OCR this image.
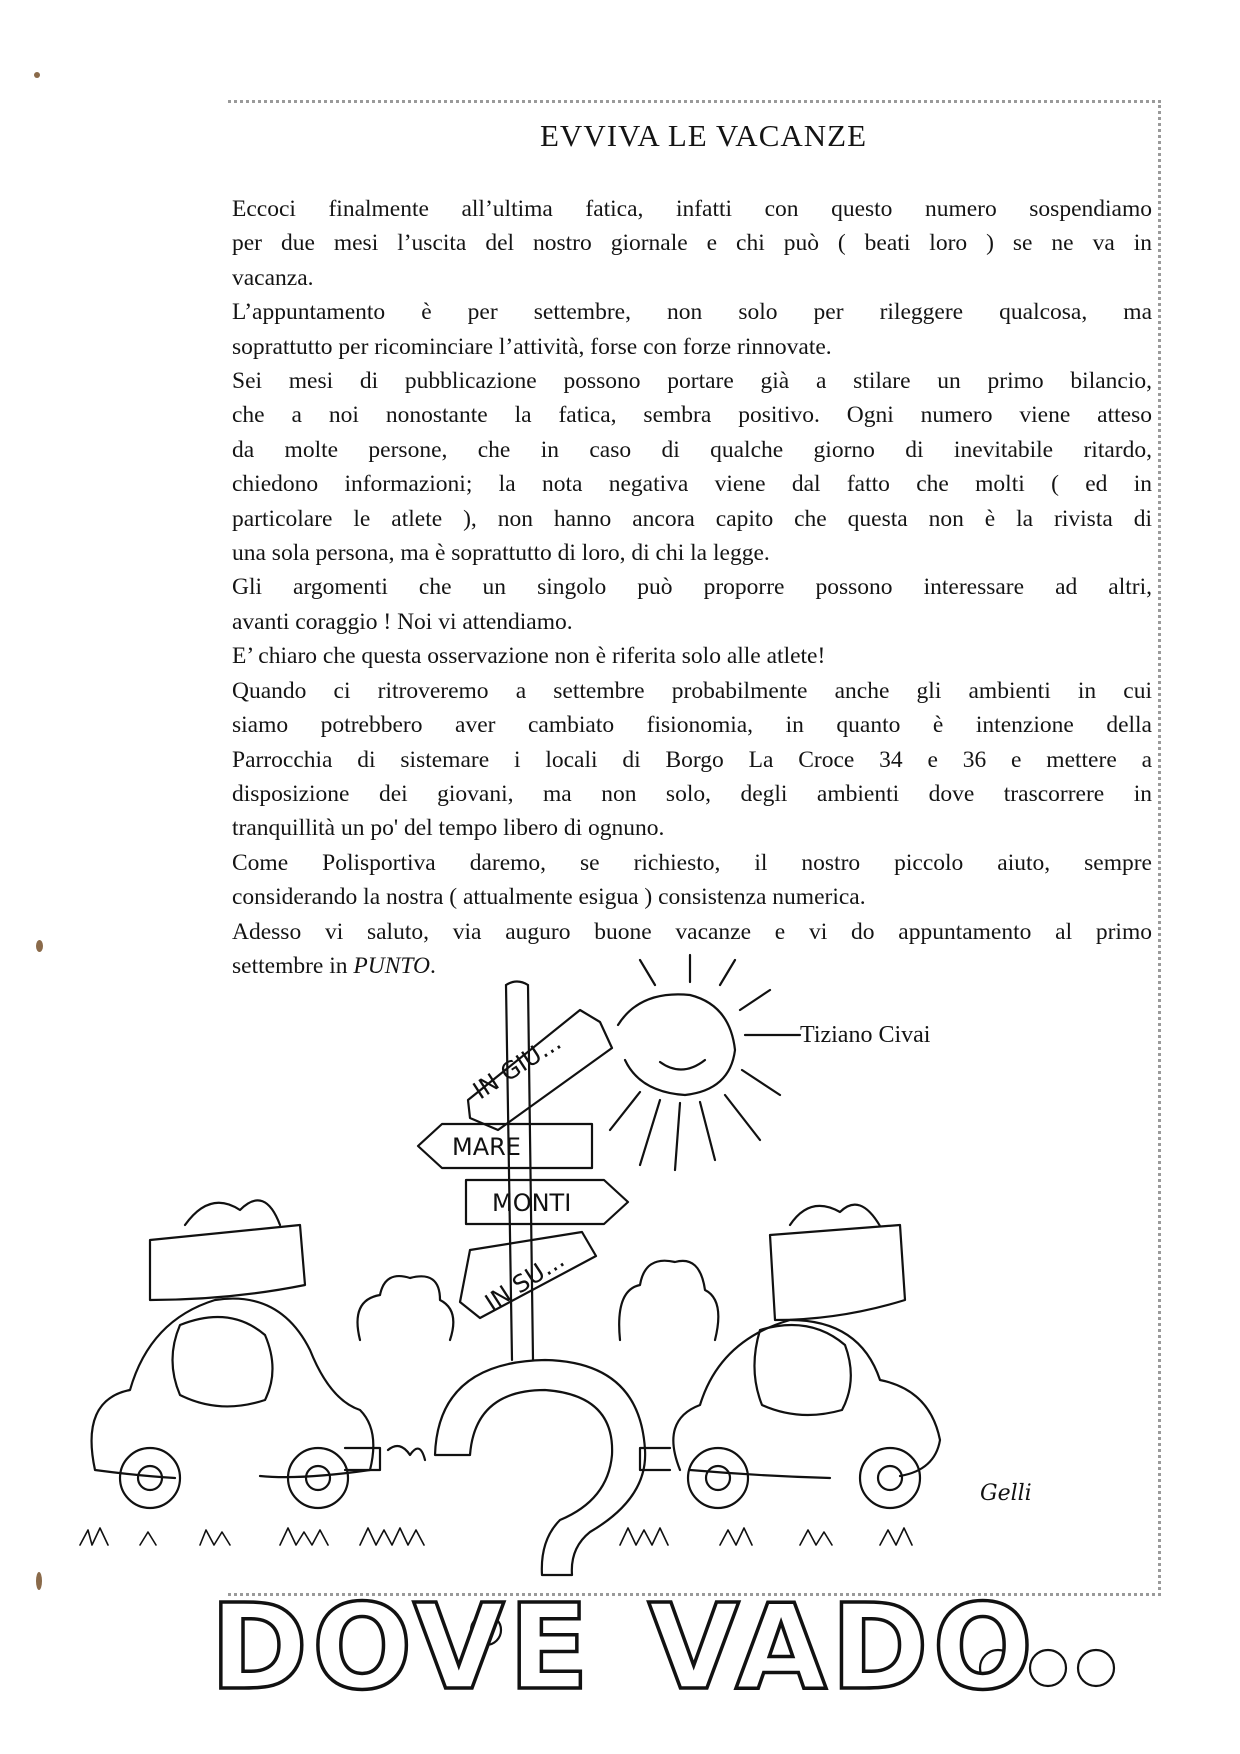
EVVIVA LE VACANZE
Eccoci finalmente all’ultima fatica, infatti con questo numero sospendiamo
per due mesi l’uscita del nostro giornale e chi può ( beati loro ) se ne va in
vacanza.
L’appuntamento è per settembre, non solo per rileggere qualcosa, ma
soprattutto per ricominciare l’attività, forse con forze rinnovate.
Sei mesi di pubblicazione possono portare già a stilare un primo bilancio,
che a noi nonostante la fatica, sembra positivo. Ogni numero viene atteso
da molte persone, che in caso di qualche giorno di inevitabile ritardo,
chiedono informazioni; la nota negativa viene dal fatto che molti ( ed in
particolare le atlete ), non hanno ancora capito che questa non è la rivista di
una sola persona, ma è soprattutto di loro, di chi la legge.
Gli argomenti che un singolo può proporre possono interessare ad altri,
avanti coraggio ! Noi vi attendiamo.
E’ chiaro che questa osservazione non è riferita solo alle atlete!
Quando ci ritroveremo a settembre probabilmente anche gli ambienti in cui
siamo potrebbero aver cambiato fisionomia, in quanto è intenzione della
Parrocchia di sistemare i locali di Borgo La Croce 34 e 36 e mettere a
disposizione dei giovani, ma non solo, degli ambienti dove trascorrere in
tranquillità un po' del tempo libero di ognuno.
Come Polisportiva daremo, se richiesto, il nostro piccolo aiuto, sempre
considerando la nostra ( attualmente esigua ) consistenza numerica.
Adesso vi saluto, via auguro buone vacanze e vi do appuntamento al primo
settembre in PUNTO.

Tiziano Civai

IN GIU...
MARE
MONTI
IN SU...
DOVE VADO
Gelli
